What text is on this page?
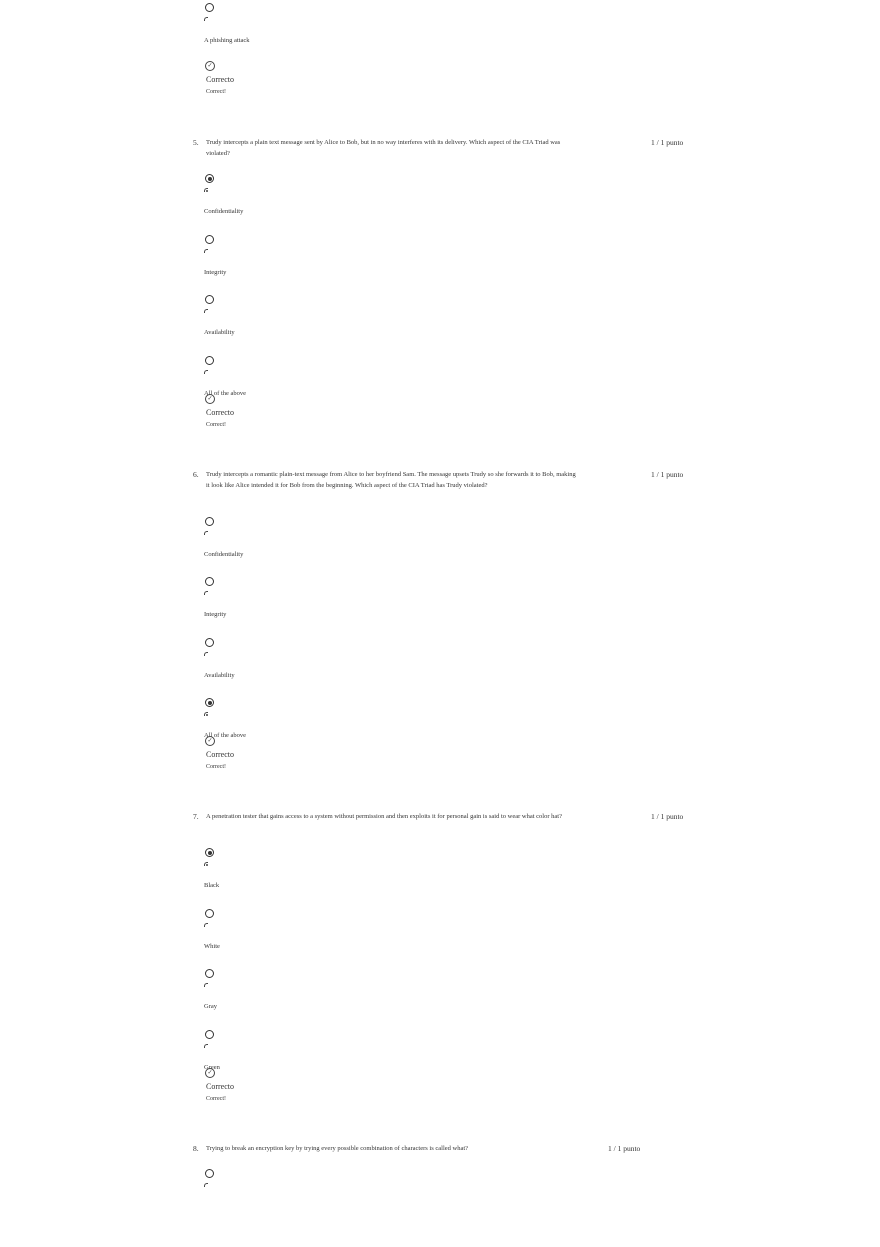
A phishing attack
✓
Correcto
Correct!
5. Trudy intercepts a plain text message sent by Alice to Bob, but in no way interferes with its delivery. Which aspect of the CIA Triad was violated?
1 / 1 punto
Confidentiality
Integrity
Availability
All of the above
✓
Correcto
Correct!
6. Trudy intercepts a romantic plain-text message from Alice to her boyfriend Sam. The message upsets Trudy so she forwards it to Bob, making it look like Alice intended it for Bob from the beginning. Which aspect of the CIA Triad has Trudy violated?
1 / 1 punto
Confidentiality
Integrity
Availability
All of the above
✓
Correcto
Correct!
7. A penetration tester that gains access to a system without permission and then exploits it for personal gain is said to wear what color hat?	1 / 1 punto
Black
White
Gray
Green
✓
Correcto
Correct!
8. Trying to break an encryption key by trying every possible combination of characters is called what?	1 / 1 punto
